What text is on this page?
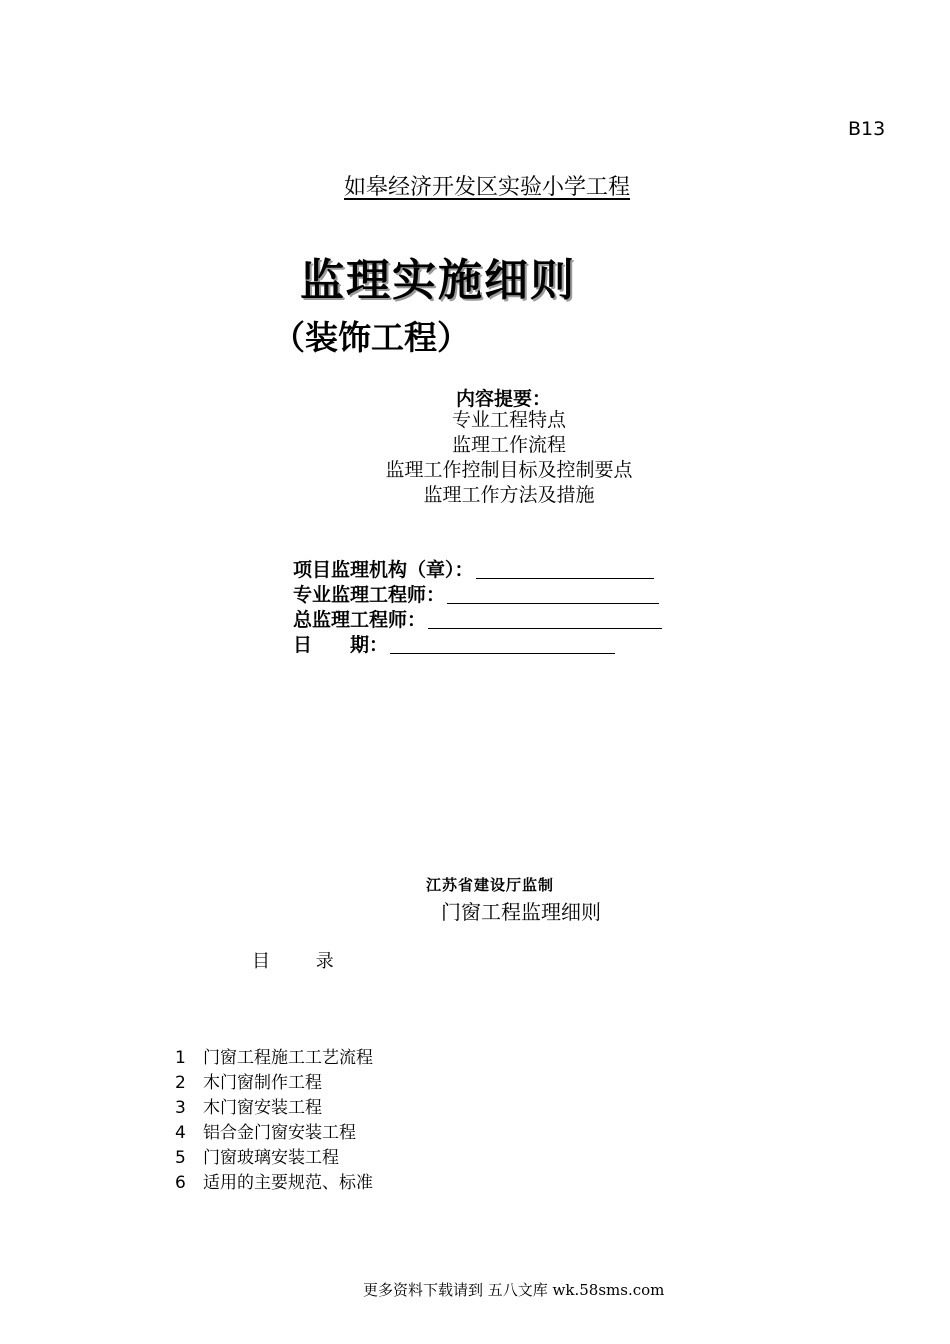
B13
如皋经济开发区实验小学工程
监理实施细则
（装饰工程）
内容提要：
专业工程特点
监理工作流程
监理工作控制目标及控制要点
监理工作方法及措施
项目监理机构（章）：
专业监理工程师：
总监理工程师：
日　　期：
江苏省建设厅监制
门窗工程监理细则
目 录
1 门窗工程施工工艺流程
2 木门窗制作工程
3 木门窗安装工程
4 铝合金门窗安装工程
5 门窗玻璃安装工程
6 适用的主要规范、标准
更多资料下载请到 五八文库 wk.58sms.com
